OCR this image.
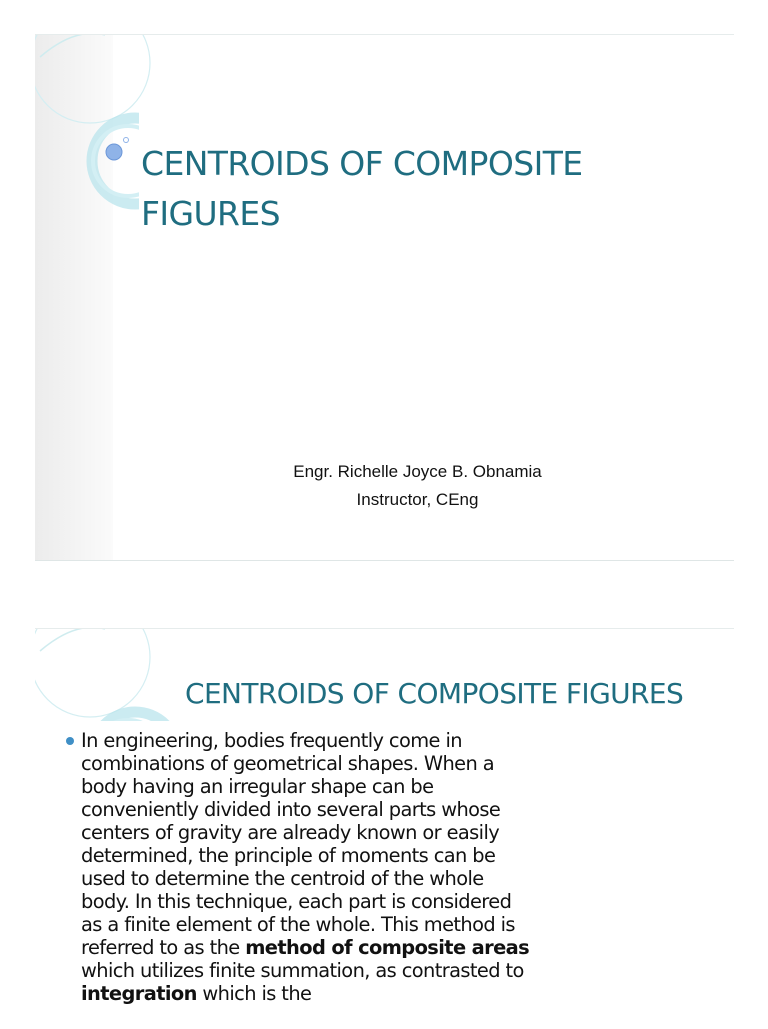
CENTROIDS OF COMPOSITE FIGURES
Engr. Richelle Joyce B. Obnamia
Instructor, CEng
CENTROIDS OF COMPOSITE FIGURES
In engineering, bodies frequently come in combinations of geometrical shapes. When a body having an irregular shape can be conveniently divided into several parts whose centers of gravity are already known or easily determined, the principle of moments can be used to determine the centroid of the whole body. In this technique, each part is considered as a finite element of the whole. This method is referred to as the method of composite areas which utilizes finite summation, as contrasted to integration which is the
